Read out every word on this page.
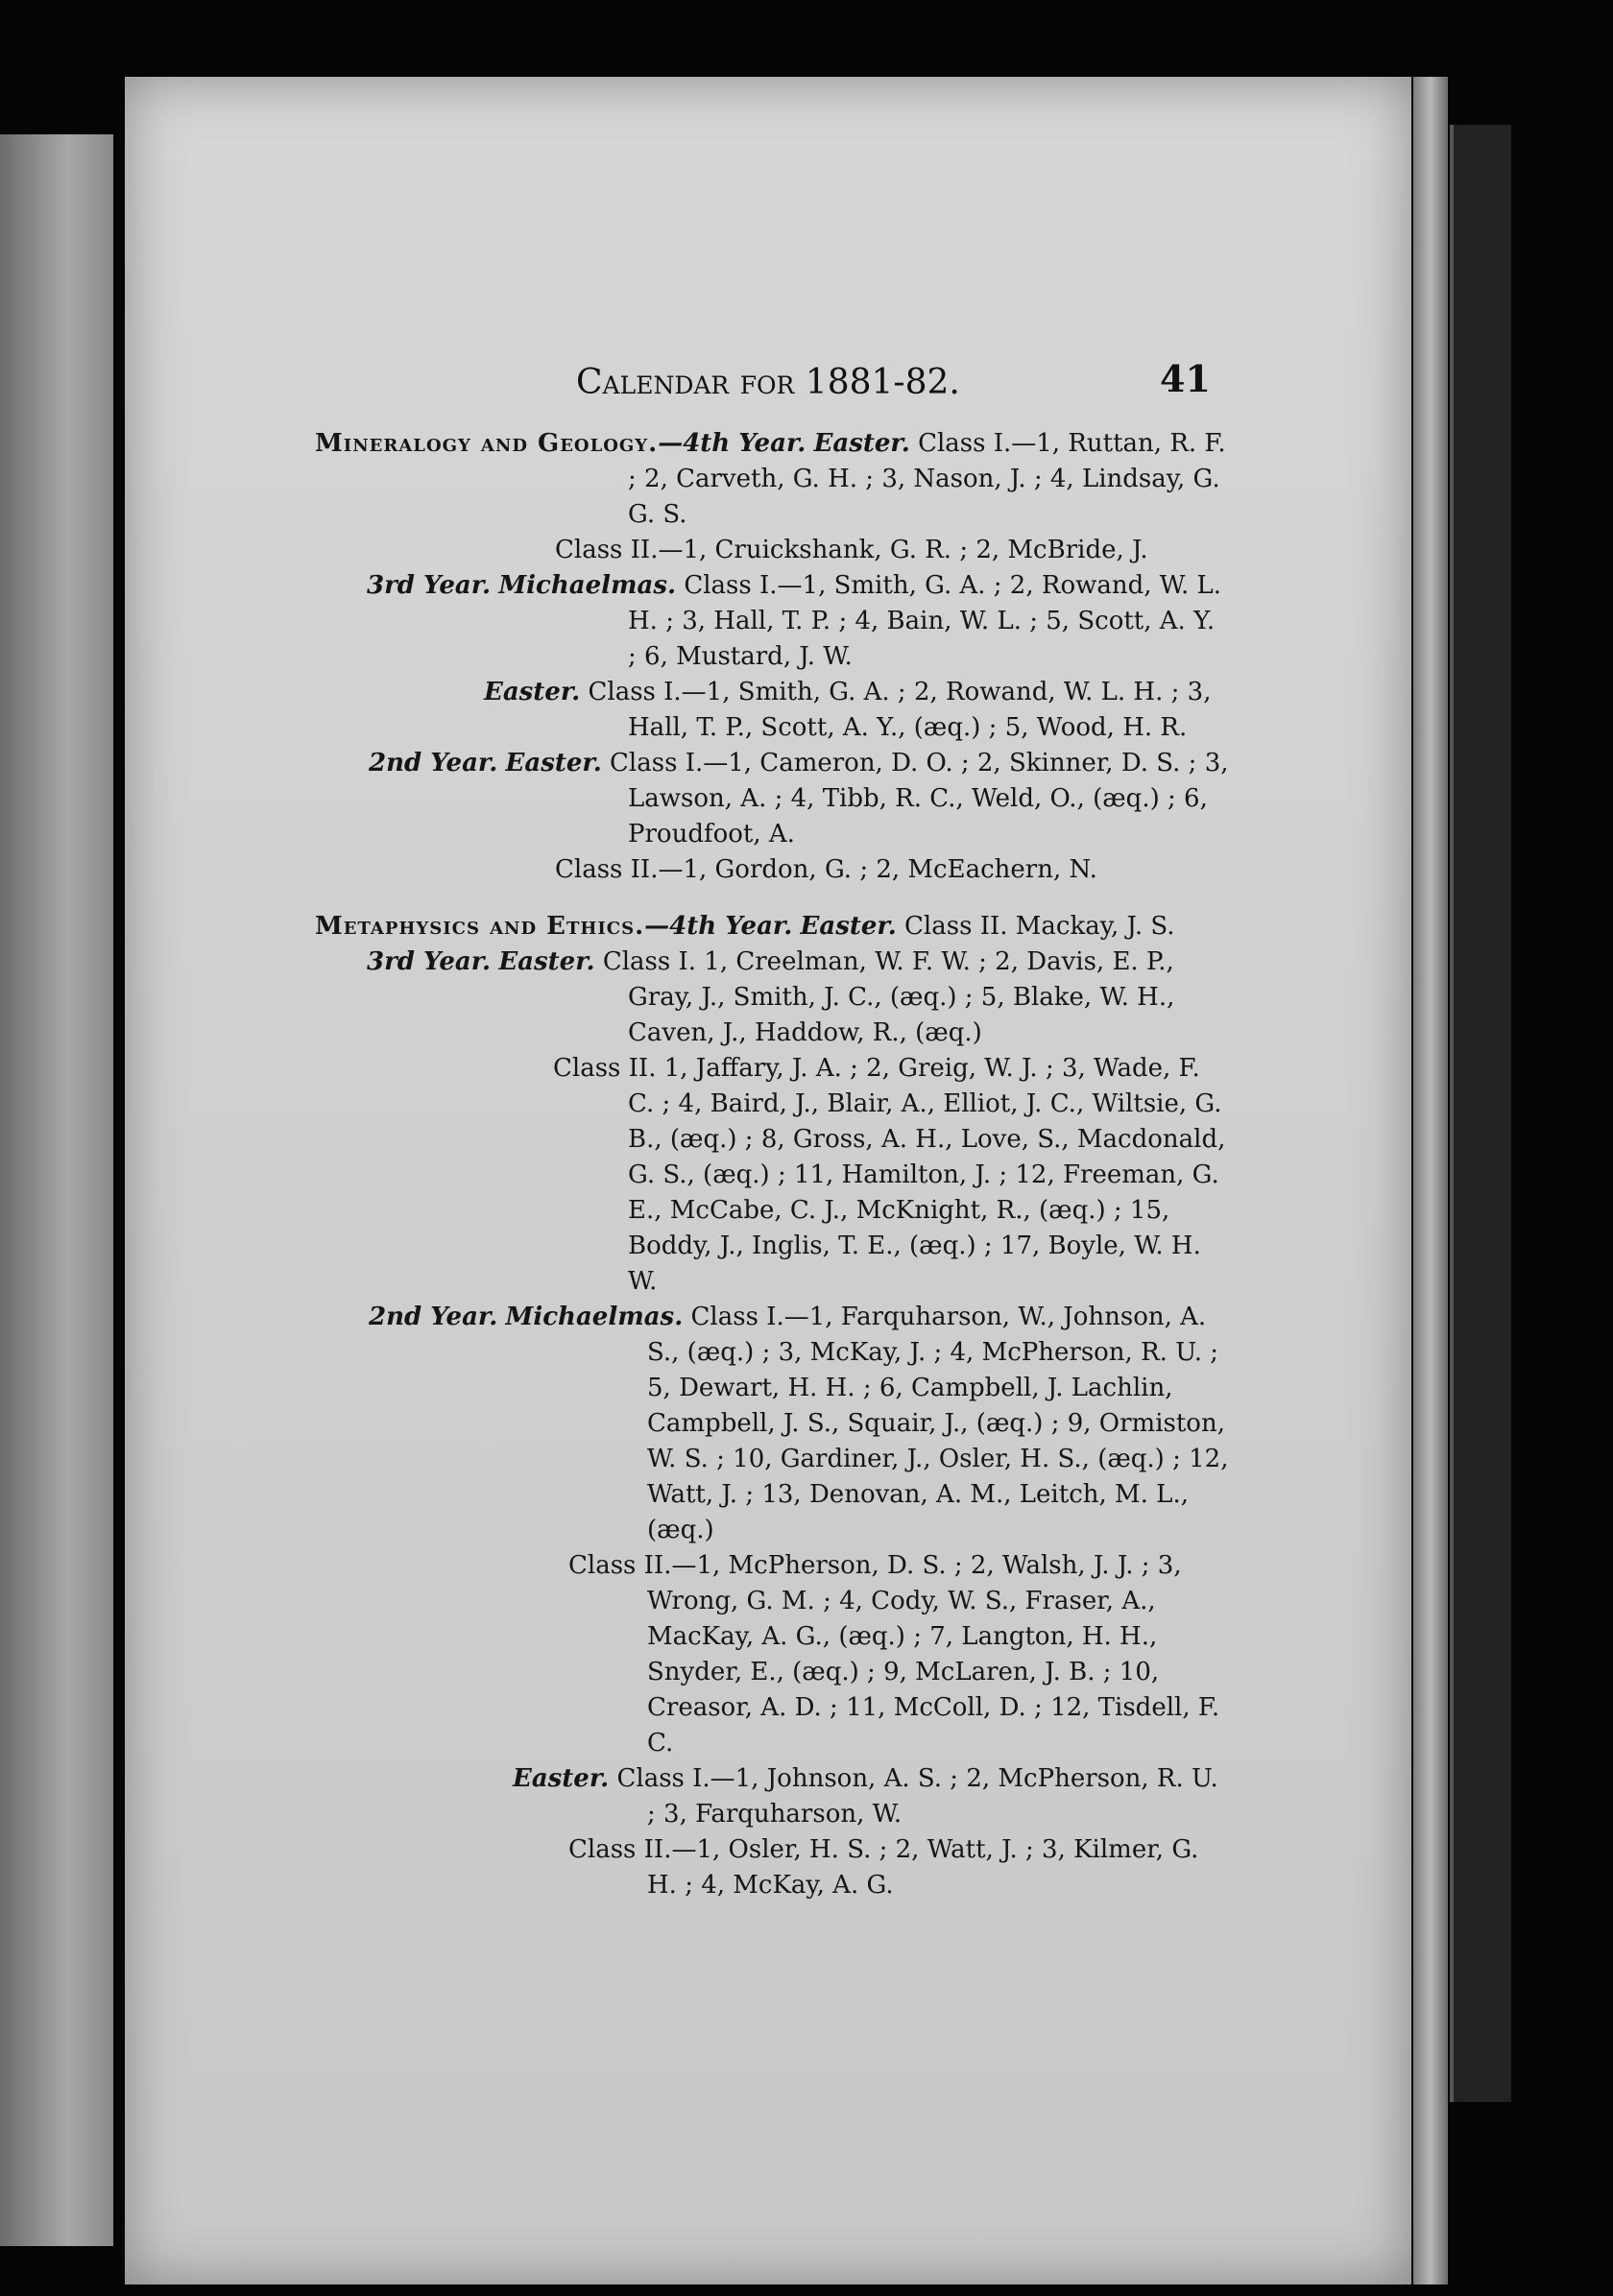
Calendar for 1881-82.	41

Mineralogy and Geology.—4th Year. Easter. Class I.—1, Ruttan, R. F. ; 2, Carveth, G. H. ; 3, Nason, J. ; 4, Lindsay, G. G. S.

Class II.—1, Cruickshank, G. R. ; 2, McBride, J.

3rd Year. Michaelmas. Class I.—1, Smith, G. A. ; 2, Rowand, W. L. H. ; 3, Hall, T. P. ; 4, Bain, W. L. ; 5, Scott, A. Y. ; 6, Mustard, J. W.

Easter. Class I.—1, Smith, G. A. ; 2, Rowand, W. L. H. ; 3, Hall, T. P., Scott, A. Y., (æq.) ; 5, Wood, H. R.

2nd Year. Easter. Class I.—1, Cameron, D. O. ; 2, Skinner, D. S. ; 3, Lawson, A. ; 4, Tibb, R. C., Weld, O., (æq.) ; 6, Proudfoot, A.

Class II.—1, Gordon, G. ; 2, McEachern, N.

Metaphysics and Ethics.—4th Year. Easter. Class II. Mackay, J. S.

3rd Year. Easter. Class I. 1, Creelman, W. F. W. ; 2, Davis, E. P., Gray, J., Smith, J. C., (æq.) ; 5, Blake, W. H., Caven, J., Haddow, R., (æq.)

Class II. 1, Jaffary, J. A. ; 2, Greig, W. J. ; 3, Wade, F. C. ; 4, Baird, J., Blair, A., Elliot, J. C., Wiltsie, G. B., (æq.) ; 8, Gross, A. H., Love, S., Macdonald, G. S., (æq.) ; 11, Hamilton, J. ; 12, Freeman, G. E., McCabe, C. J., McKnight, R., (æq.) ; 15, Boddy, J., Inglis, T. E., (æq.) ; 17, Boyle, W. H. W.

2nd Year. Michaelmas. Class I.—1, Farquharson, W., Johnson, A. S., (æq.) ; 3, McKay, J. ; 4, McPherson, R. U. ; 5, Dewart, H. H. ; 6, Campbell, J. Lachlin, Campbell, J. S., Squair, J., (æq.) ; 9, Ormiston, W. S. ; 10, Gardiner, J., Osler, H. S., (æq.) ; 12, Watt, J. ; 13, Denovan, A. M., Leitch, M. L., (æq.)

Class II.—1, McPherson, D. S. ; 2, Walsh, J. J. ; 3, Wrong, G. M. ; 4, Cody, W. S., Fraser, A., MacKay, A. G., (æq.) ; 7, Langton, H. H., Snyder, E., (æq.) ; 9, McLaren, J. B. ; 10, Creasor, A. D. ; 11, McColl, D. ; 12, Tisdell, F. C.

Easter. Class I.—1, Johnson, A. S. ; 2, McPherson, R. U. ; 3, Farquharson, W.

Class II.—1, Osler, H. S. ; 2, Watt, J. ; 3, Kilmer, G. H. ; 4, McKay, A. G.
